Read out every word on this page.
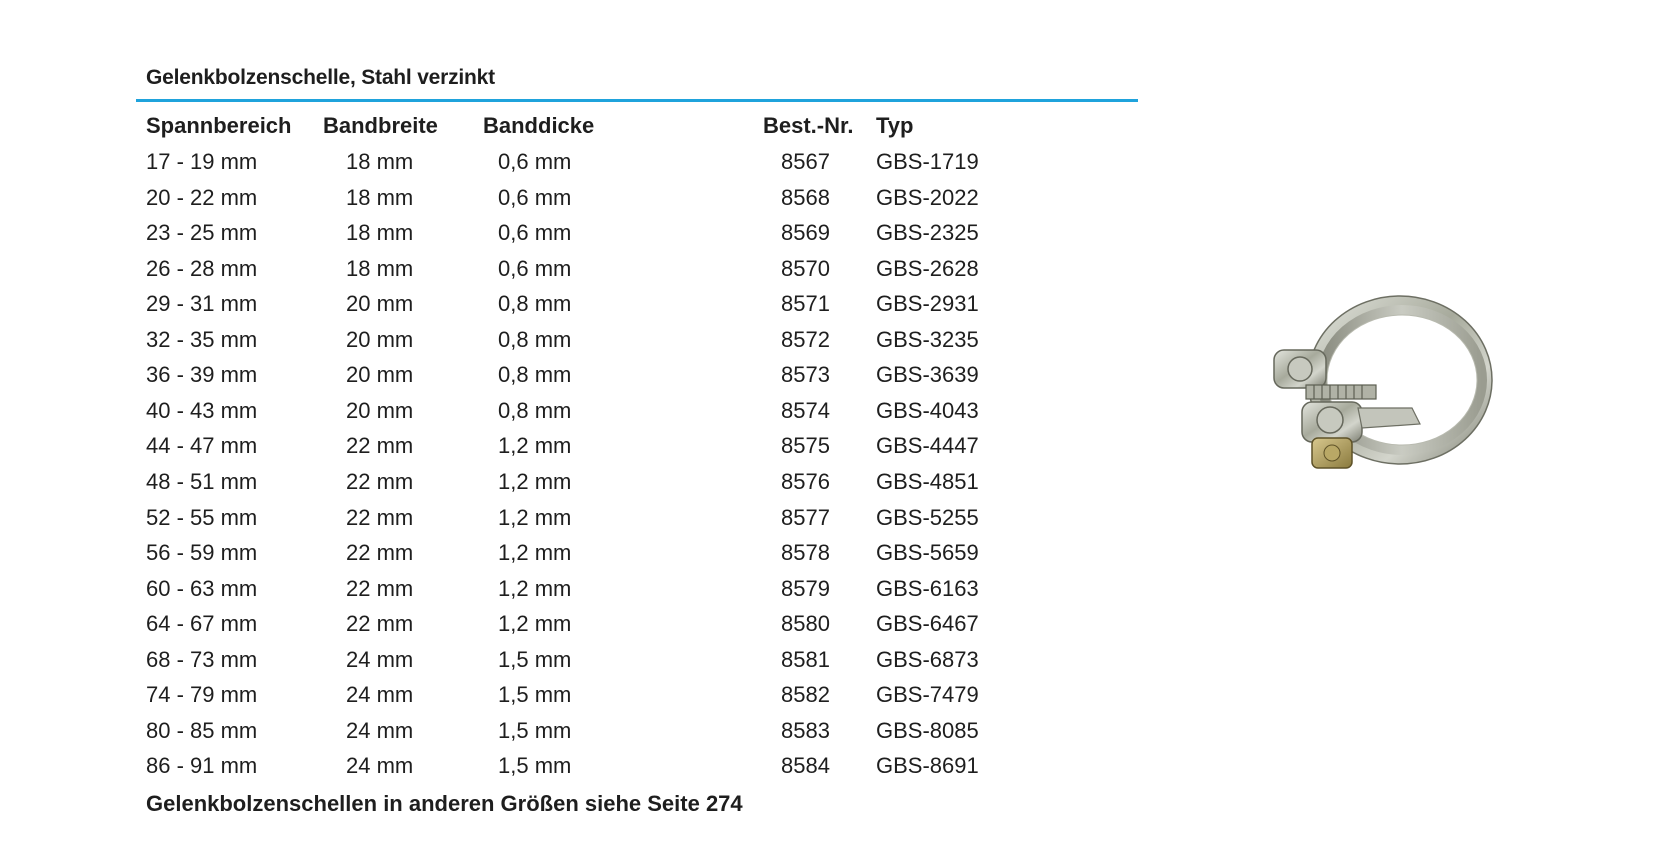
Gelenkbolzenschelle, Stahl verzinkt
Spannbereich Bandbreite Banddicke	Best.-Nr. Typ
17 - 19 mm	18 mm	0,6 mm	8567 GBS-1719
20 - 22 mm	18 mm	0,6 mm	8568 GBS-2022
23 - 25 mm	18 mm	0,6 mm	8569 GBS-2325
26 - 28 mm	18 mm	0,6 mm	8570 GBS-2628
29 - 31 mm	20 mm	0,8 mm	8571 GBS-2931
32 - 35 mm	20 mm	0,8 mm	8572 GBS-3235
36 - 39 mm	20 mm	0,8 mm	8573 GBS-3639
40 - 43 mm	20 mm	0,8 mm	8574 GBS-4043
44 - 47 mm	22 mm	1,2 mm	8575 GBS-4447
48 - 51 mm	22 mm	1,2 mm	8576 GBS-4851
52 - 55 mm	22 mm	1,2 mm	8577 GBS-5255
56 - 59 mm	22 mm	1,2 mm	8578 GBS-5659
60 - 63 mm	22 mm	1,2 mm	8579 GBS-6163
64 - 67 mm	22 mm	1,2 mm	8580 GBS-6467
68 - 73 mm	24 mm	1,5 mm	8581 GBS-6873
74 - 79 mm	24 mm	1,5 mm	8582 GBS-7479
80 - 85 mm	24 mm	1,5 mm	8583 GBS-8085
86 - 91 mm	24 mm	1,5 mm	8584 GBS-8691
Gelenkbolzenschellen in anderen Größen siehe Seite 274
